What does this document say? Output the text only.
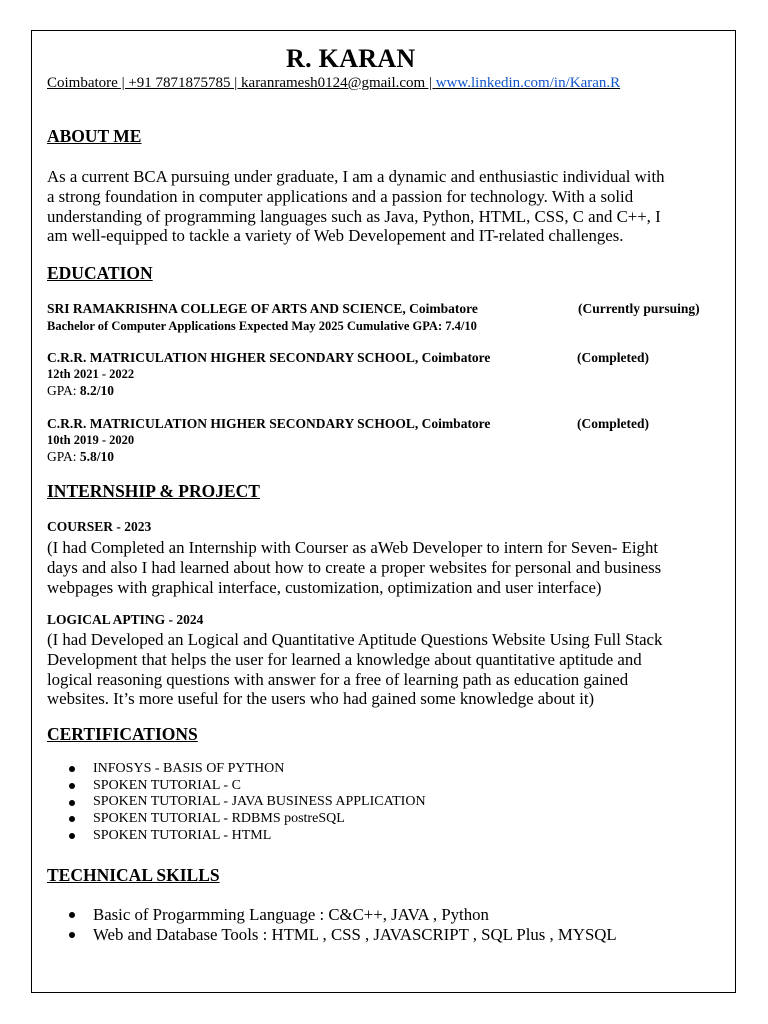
R. KARAN
Coimbatore | +91 7871875785 | karanramesh0124@gmail.com | www.linkedin.com/in/Karan.R
ABOUT ME
As a current BCA pursuing under graduate, I am a dynamic and enthusiastic individual with
a strong foundation in computer applications and a passion for technology. With a solid
understanding of programming languages such as Java, Python, HTML, CSS, C and C++, I
am well-equipped to tackle a variety of Web Developement and IT-related challenges.
EDUCATION
SRI RAMAKRISHNA COLLEGE OF ARTS AND SCIENCE, Coimbatore	(Currently pursuing)
Bachelor of Computer Applications Expected May 2025 Cumulative GPA: 7.4/10
C.R.R. MATRICULATION HIGHER SECONDARY SCHOOL, Coimbatore	(Completed)
12th 2021 - 2022
GPA: 8.2/10
C.R.R. MATRICULATION HIGHER SECONDARY SCHOOL, Coimbatore	(Completed)
10th 2019 - 2020
GPA: 5.8/10
INTERNSHIP & PROJECT
COURSER - 2023
(I had Completed an Internship with Courser as aWeb Developer to intern for Seven- Eight
days and also I had learned about how to create a proper websites for personal and business
webpages with graphical interface, customization, optimization and user interface)
LOGICAL APTING - 2024
(I had Developed an Logical and Quantitative Aptitude Questions Website Using Full Stack
Development that helps the user for learned a knowledge about quantitative aptitude and
logical reasoning questions with answer for a free of learning path as education gained
websites. It’s more useful for the users who had gained some knowledge about it)
CERTIFICATIONS
INFOSYS - BASIS OF PYTHON
SPOKEN TUTORIAL - C
SPOKEN TUTORIAL - JAVA BUSINESS APPLICATION
SPOKEN TUTORIAL - RDBMS postreSQL
SPOKEN TUTORIAL - HTML
TECHNICAL SKILLS
Basic of Progarmming Language : C&C++, JAVA , Python
Web and Database Tools : HTML , CSS , JAVASCRIPT , SQL Plus , MYSQL
